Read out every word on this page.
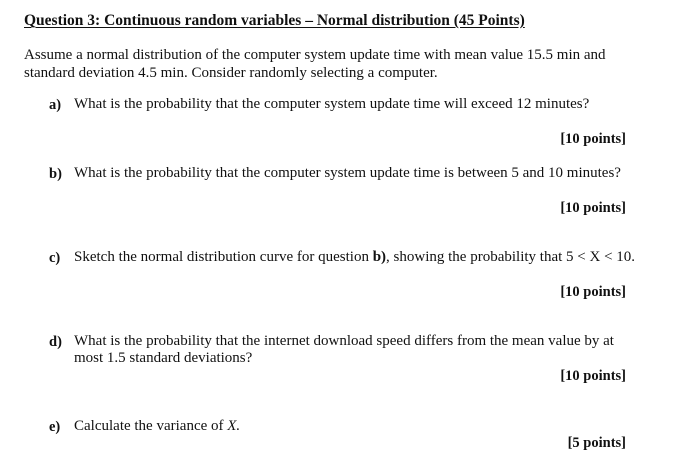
Question 3: Continuous random variables – Normal distribution (45 Points)
Assume a normal distribution of the computer system update time with mean value 15.5 min and
standard deviation 4.5 min. Consider randomly selecting a computer.
a) What is the probability that the computer system update time will exceed 12 minutes?
[10 points]
b) What is the probability that the computer system update time is between 5 and 10 minutes?
[10 points]
c) Sketch the normal distribution curve for question b), showing the probability that 5 < X < 10.
[10 points]
d) What is the probability that the internet download speed differs from the mean value by at
most 1.5 standard deviations?
[10 points]
e) Calculate the variance of X.
[5 points]
